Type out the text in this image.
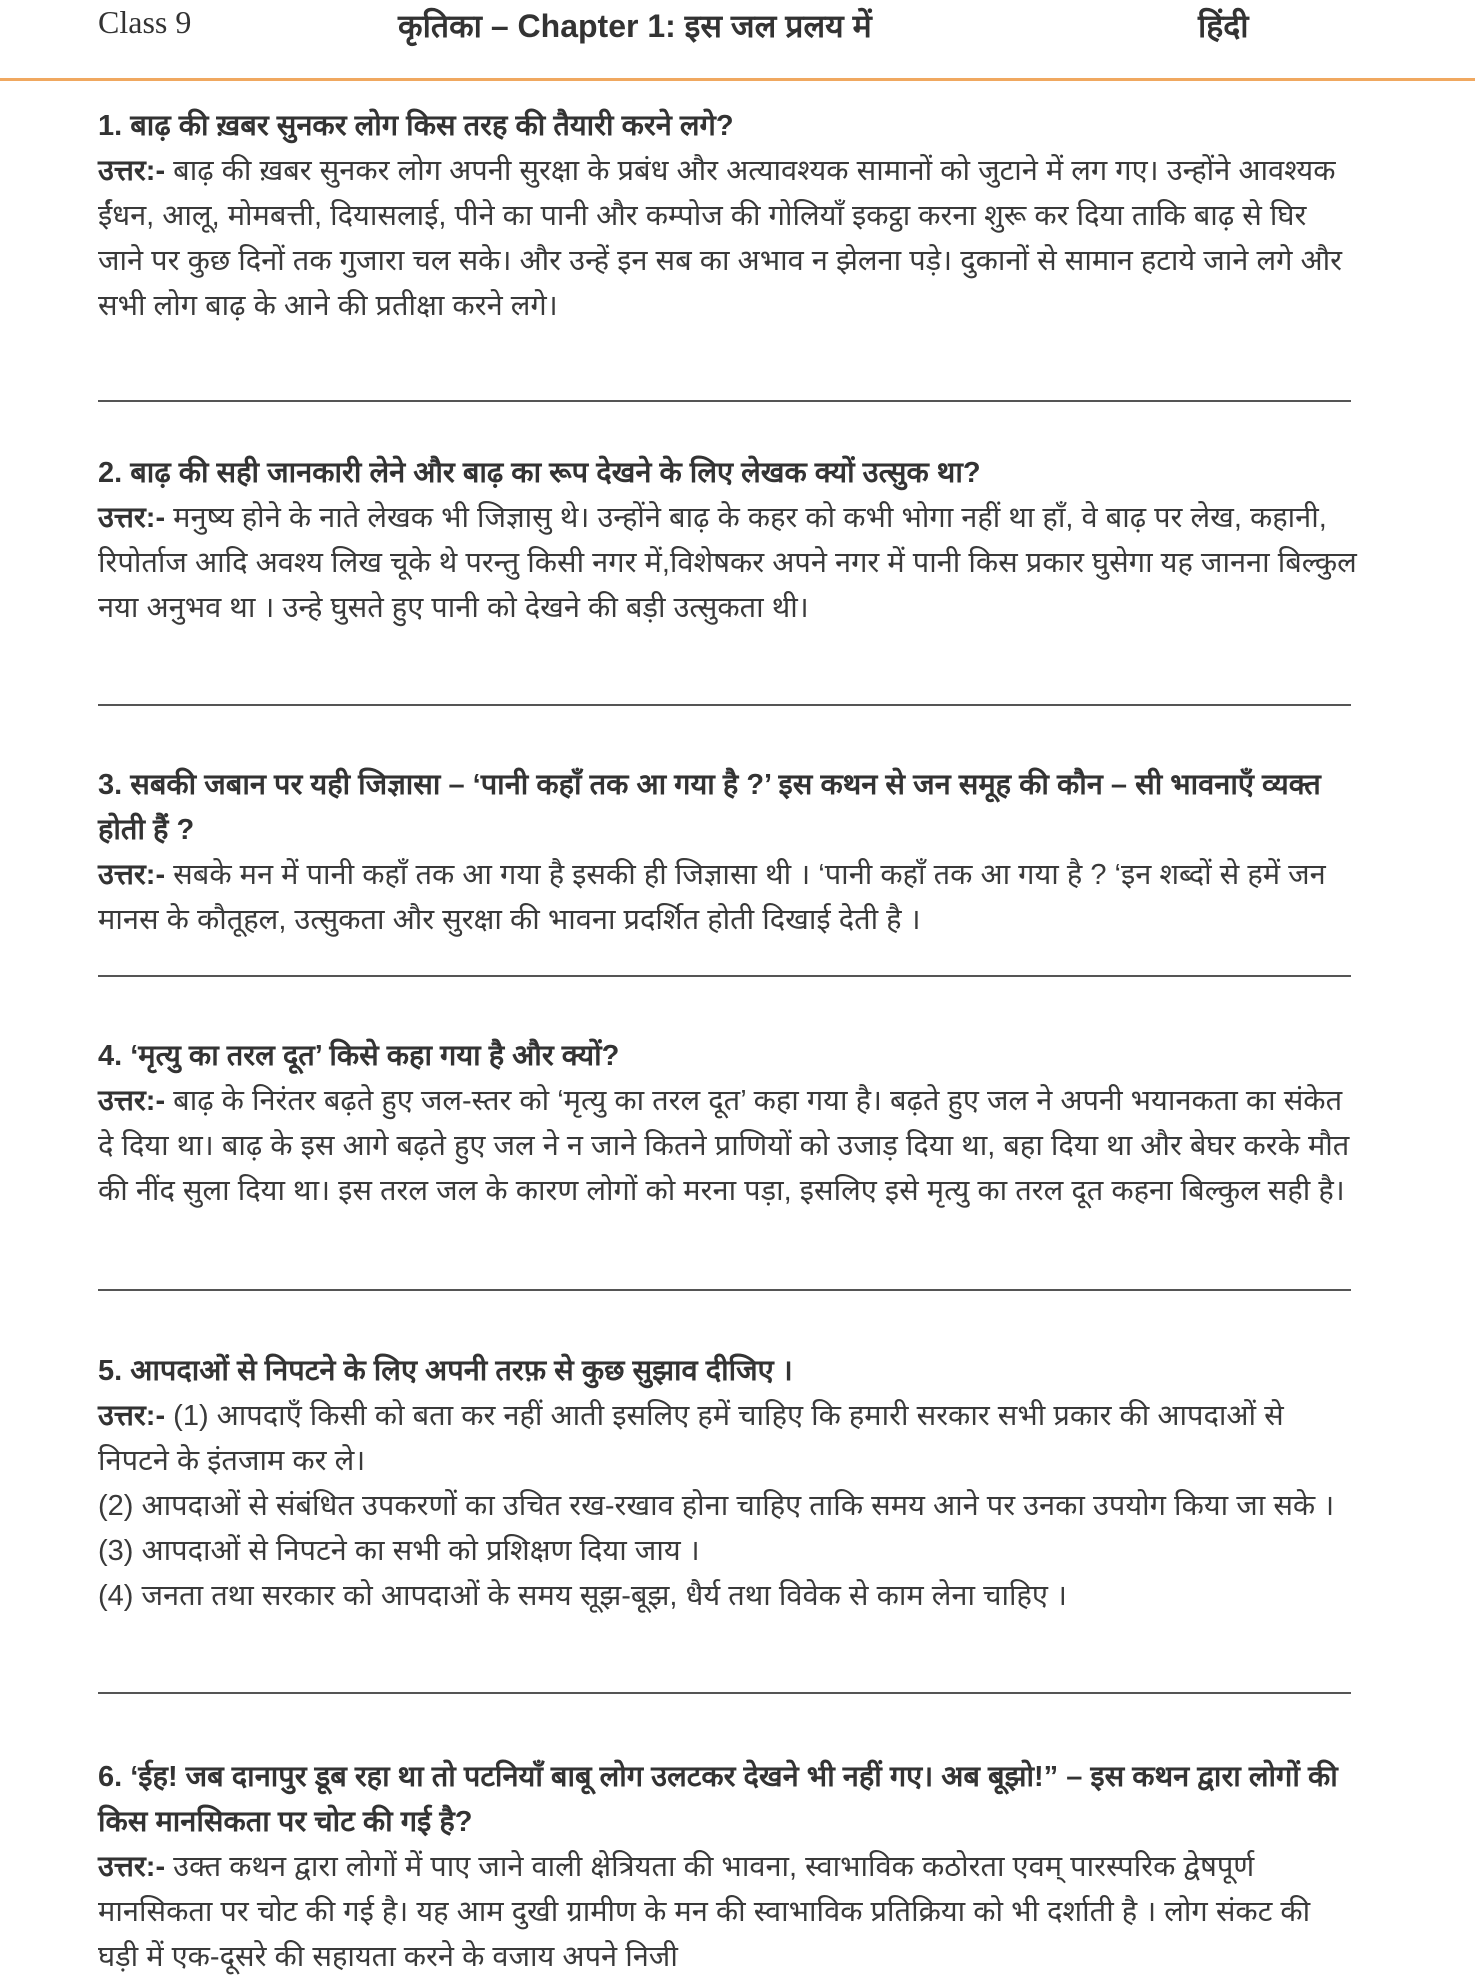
Class 9	कृतिका – Chapter 1: इस जल प्रलय में	हिंदी

1. बाढ़ की ख़बर सुनकर लोग किस तरह की तैयारी करने लगे?

उत्तर:- बाढ़ की ख़बर सुनकर लोग अपनी सुरक्षा के प्रबंध और अत्यावश्यक सामानों को जुटाने में लग गए। उन्होंने आवश्यक ईंधन, आलू, मोमबत्ती, दियासलाई, पीने का पानी और कम्पोज की गोलियाँ इकट्ठा करना शुरू कर दिया ताकि बाढ़ से घिर जाने पर कुछ दिनों तक गुजारा चल सके। और उन्हें इन सब का अभाव न झेलना पड़े। दुकानों से सामान हटाये जाने लगे और सभी लोग बाढ़ के आने की प्रतीक्षा करने लगे।

2. बाढ़ की सही जानकारी लेने और बाढ़ का रूप देखने के लिए लेखक क्यों उत्सुक था?

उत्तर:- मनुष्य होने के नाते लेखक भी जिज्ञासु थे। उन्होंने बाढ़ के कहर को कभी भोगा नहीं था हाँ, वे बाढ़ पर लेख, कहानी, रिपोर्ताज आदि अवश्य लिख चूके थे परन्तु किसी नगर में,विशेषकर अपने नगर में पानी किस प्रकार घुसेगा यह जानना बिल्कुल नया अनुभव था । उन्हे घुसते हुए पानी को देखने की बड़ी उत्सुकता थी।

3. सबकी जबान पर यही जिज्ञासा – ‘पानी कहाँ तक आ गया है ?’ इस कथन से जन समूह की कौन – सी भावनाएँ व्यक्त होती हैं ?

उत्तर:- सबके मन में पानी कहाँ तक आ गया है इसकी ही जिज्ञासा थी । ‘पानी कहाँ तक आ गया है ? ‘इन शब्दों से हमें जन मानस के कौतूहल, उत्सुकता और सुरक्षा की भावना प्रदर्शित होती दिखाई देती है ।

4. ‘मृत्यु का तरल दूत’ किसे कहा गया है और क्यों?

उत्तर:- बाढ़ के निरंतर बढ़ते हुए जल-स्तर को ‘मृत्यु का तरल दूत’ कहा गया है। बढ़ते हुए जल ने अपनी भयानकता का संकेत दे दिया था। बाढ़ के इस आगे बढ़ते हुए जल ने न जाने कितने प्राणियों को उजाड़ दिया था, बहा दिया था और बेघर करके मौत की नींद सुला दिया था। इस तरल जल के कारण लोगों को मरना पड़ा, इसलिए इसे मृत्यु का तरल दूत कहना बिल्कुल सही है।

5. आपदाओं से निपटने के लिए अपनी तरफ़ से कुछ सुझाव दीजिए ।

उत्तर:- (1) आपदाएँ किसी को बता कर नहीं आती इसलिए हमें चाहिए कि हमारी सरकार सभी प्रकार की आपदाओं से निपटने के इंतजाम कर ले।

(2) आपदाओं से संबंधित उपकरणों का उचित रख-रखाव होना चाहिए ताकि समय आने पर उनका उपयोग किया जा सके ।

(3) आपदाओं से निपटने का सभी को प्रशिक्षण दिया जाय ।

(4) जनता तथा सरकार को आपदाओं के समय सूझ-बूझ, धैर्य तथा विवेक से काम लेना चाहिए ।

6. ‘ईह! जब दानापुर डूब रहा था तो पटनियाँ बाबू लोग उलटकर देखने भी नहीं गए। अब बूझो!” – इस कथन द्वारा लोगों की किस मानसिकता पर चोट की गई है?

उत्तर:- उक्त कथन द्वारा लोगों में पाए जाने वाली क्षेत्रियता की भावना, स्वाभाविक कठोरता एवम् पारस्परिक द्वेषपूर्ण मानसिकता पर चोट की गई है। यह आम दुखी ग्रामीण के मन की स्वाभाविक प्रतिक्रिया को भी दर्शाती है । लोग संकट की घड़ी में एक-दूसरे की सहायता करने के वजाय अपने निजी
